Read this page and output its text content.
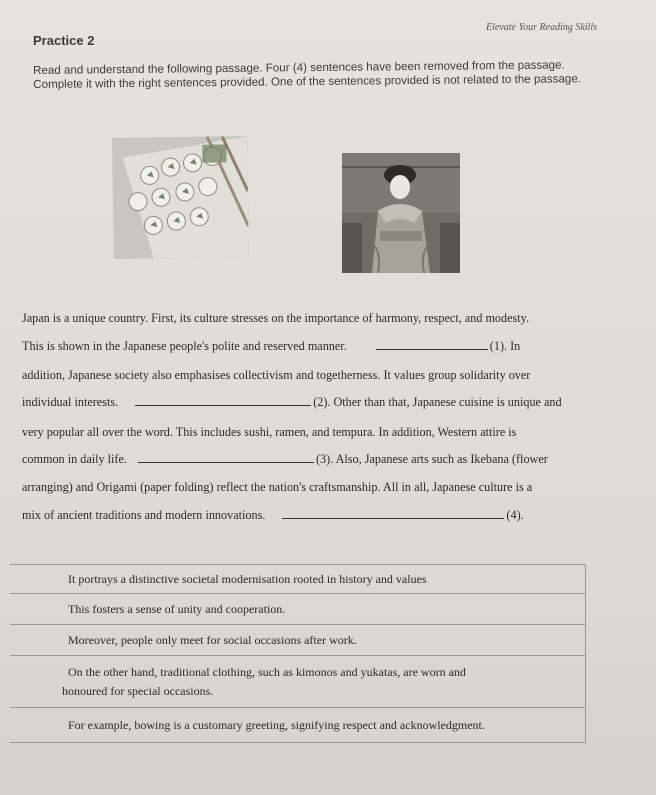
Practice 2
Elevate Your Reading Skills
Read and understand the following passage. Four (4) sentences have been removed from the passage. Complete it with the right sentences provided. One of the sentences provided is not related to the passage.
Japan is a unique country. First, its culture stresses on the importance of harmony, respect, and modesty.
This is shown in the Japanese people's polite and reserved manner.	(1). In
addition, Japanese society also emphasises collectivism and togetherness. It values group solidarity over
individual interests.	(2). Other than that, Japanese cuisine is unique and
very popular all over the word. This includes sushi, ramen, and tempura. In addition, Western attire is
common in daily life.	(3). Also, Japanese arts such as Ikebana (flower
arranging) and Origami (paper folding) reflect the nation's craftsmanship. All in all, Japanese culture is a
mix of ancient traditions and modern innovations.	(4).
It portrays a distinctive societal modernisation rooted in history and values
This fosters a sense of unity and cooperation.
Moreover, people only meet for social occasions after work.
On the other hand, traditional clothing, such as kimonos and yukatas, are worn and
honoured for special occasions.
For example, bowing is a customary greeting, signifying respect and acknowledgment.
